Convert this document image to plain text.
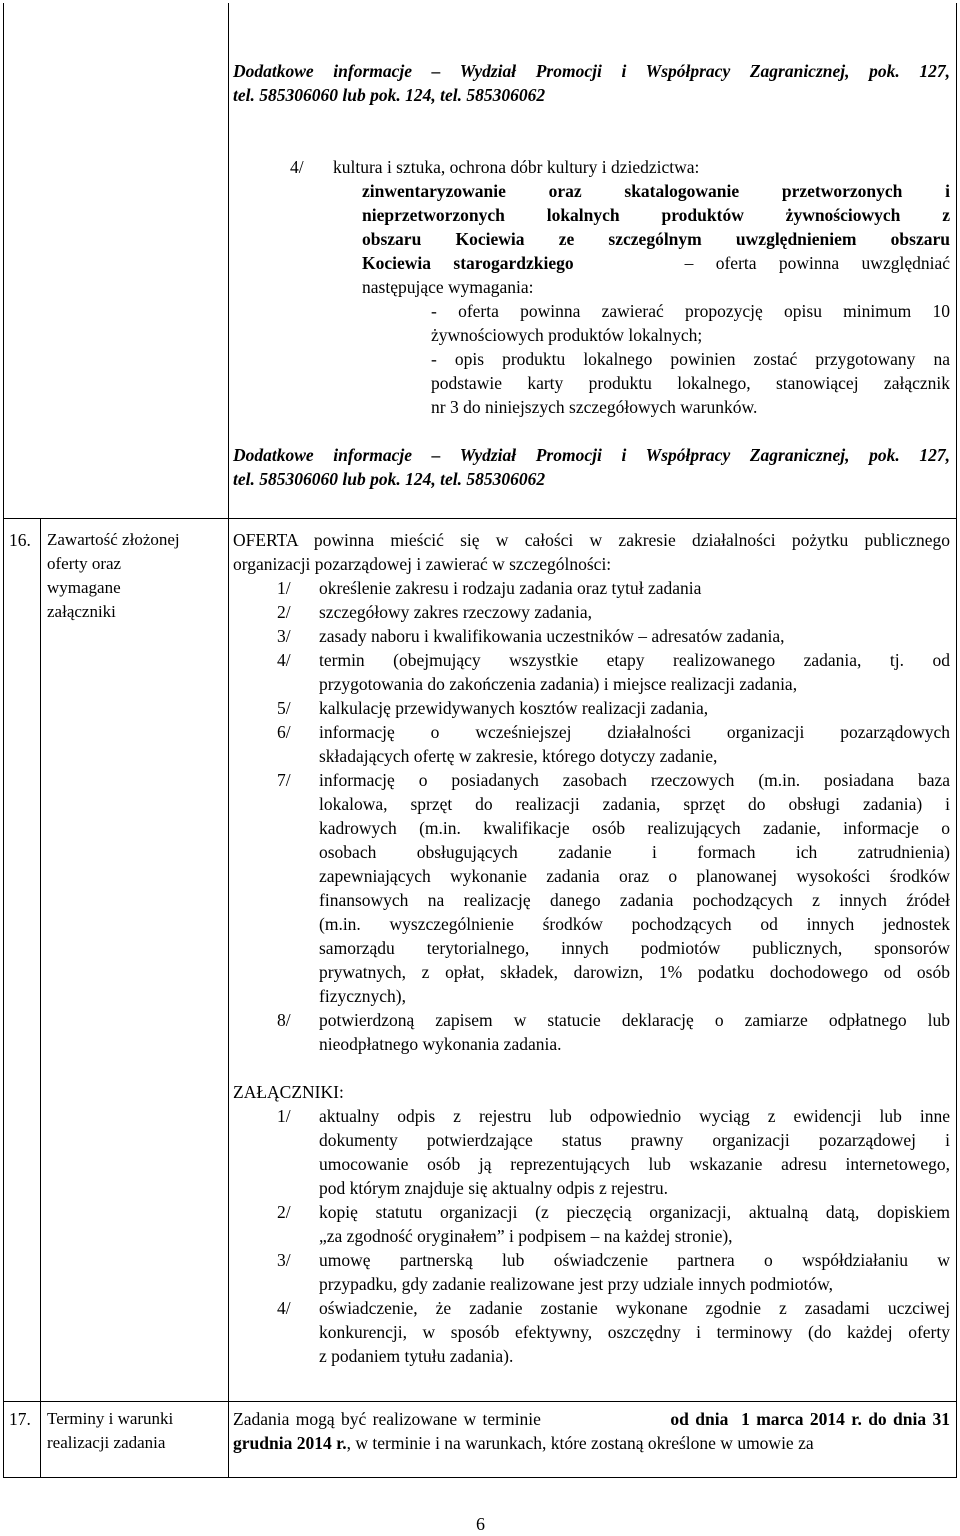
Dodatkowe informacje – Wydział Promocji i Współpracy Zagranicznej, pok. 127,
tel. 585306060 lub pok. 124, tel. 585306062
4/ kultura i sztuka, ochrona dóbr kultury i dziedzictwa:
zinwentaryzowanie oraz skatalogowanie przetworzonych i
nieprzetworzonych lokalnych produktów żywnościowych z
obszaru Kociewia ze szczególnym uwzględnieniem obszaru
Kociewia starogardzkiego	– oferta powinna uwzględniać
następujące wymagania:
- oferta powinna zawierać propozycję opisu minimum 10
żywnościowych produktów lokalnych;
- opis produktu lokalnego powinien zostać przygotowany na
podstawie karty produktu lokalnego, stanowiącej załącznik
nr 3 do niniejszych szczegółowych warunków.
Dodatkowe informacje – Wydział Promocji i Współpracy Zagranicznej, pok. 127,
tel. 585306060 lub pok. 124, tel. 585306062
16. Zawartość złożonej
oferty oraz
wymagane
załączniki
OFERTA powinna mieścić się w całości w zakresie działalności pożytku publicznego
organizacji pozarządowej i zawierać w szczególności:
1/ określenie zakresu i rodzaju zadania oraz tytuł zadania
2/ szczegółowy zakres rzeczowy zadania,
3/ zasady naboru i kwalifikowania uczestników – adresatów zadania,
4/ termin (obejmujący wszystkie etapy realizowanego zadania, tj. od
przygotowania do zakończenia zadania) i miejsce realizacji zadania,
5/ kalkulację przewidywanych kosztów realizacji zadania,
6/ informację o wcześniejszej działalności organizacji pozarządowych
składających ofertę w zakresie, którego dotyczy zadanie,
7/ informację o posiadanych zasobach rzeczowych (m.in. posiadana baza
lokalowa, sprzęt do realizacji zadania, sprzęt do obsługi zadania) i
kadrowych (m.in. kwalifikacje osób realizujących zadanie, informacje o
osobach obsługujących zadanie i formach ich zatrudnienia)
zapewniających wykonanie zadania oraz o planowanej wysokości środków
finansowych na realizację danego zadania pochodzących z innych źródeł
(m.in. wyszczególnienie środków pochodzących od innych jednostek
samorządu terytorialnego, innych podmiotów publicznych, sponsorów
prywatnych, z opłat, składek, darowizn, 1% podatku dochodowego od osób
fizycznych),
8/ potwierdzoną zapisem w statucie deklarację o zamiarze odpłatnego lub
nieodpłatnego wykonania zadania.
ZAŁĄCZNIKI:
1/ aktualny odpis z rejestru lub odpowiednio wyciąg z ewidencji lub inne
dokumenty potwierdzające status prawny organizacji pozarządowej i
umocowanie osób ją reprezentujących lub wskazanie adresu internetowego,
pod którym znajduje się aktualny odpis z rejestru.
2/ kopię statutu organizacji (z pieczęcią organizacji, aktualną datą, dopiskiem
„za zgodność oryginałem” i podpisem – na każdej stronie),
3/ umowę partnerską lub oświadczenie partnera o współdziałaniu w
przypadku, gdy zadanie realizowane jest przy udziale innych podmiotów,
4/ oświadczenie, że zadanie zostanie wykonane zgodnie z zasadami uczciwej
konkurencji, w sposób efektywny, oszczędny i terminowy (do każdej oferty
z podaniem tytułu zadania).
17. Terminy i warunki
realizacji zadania
Zadania mogą być realizowane w terminie	od dnia  1 marca 2014 r. do dnia 31
grudnia 2014 r., w terminie i na warunkach, które zostaną określone w umowie za
6
